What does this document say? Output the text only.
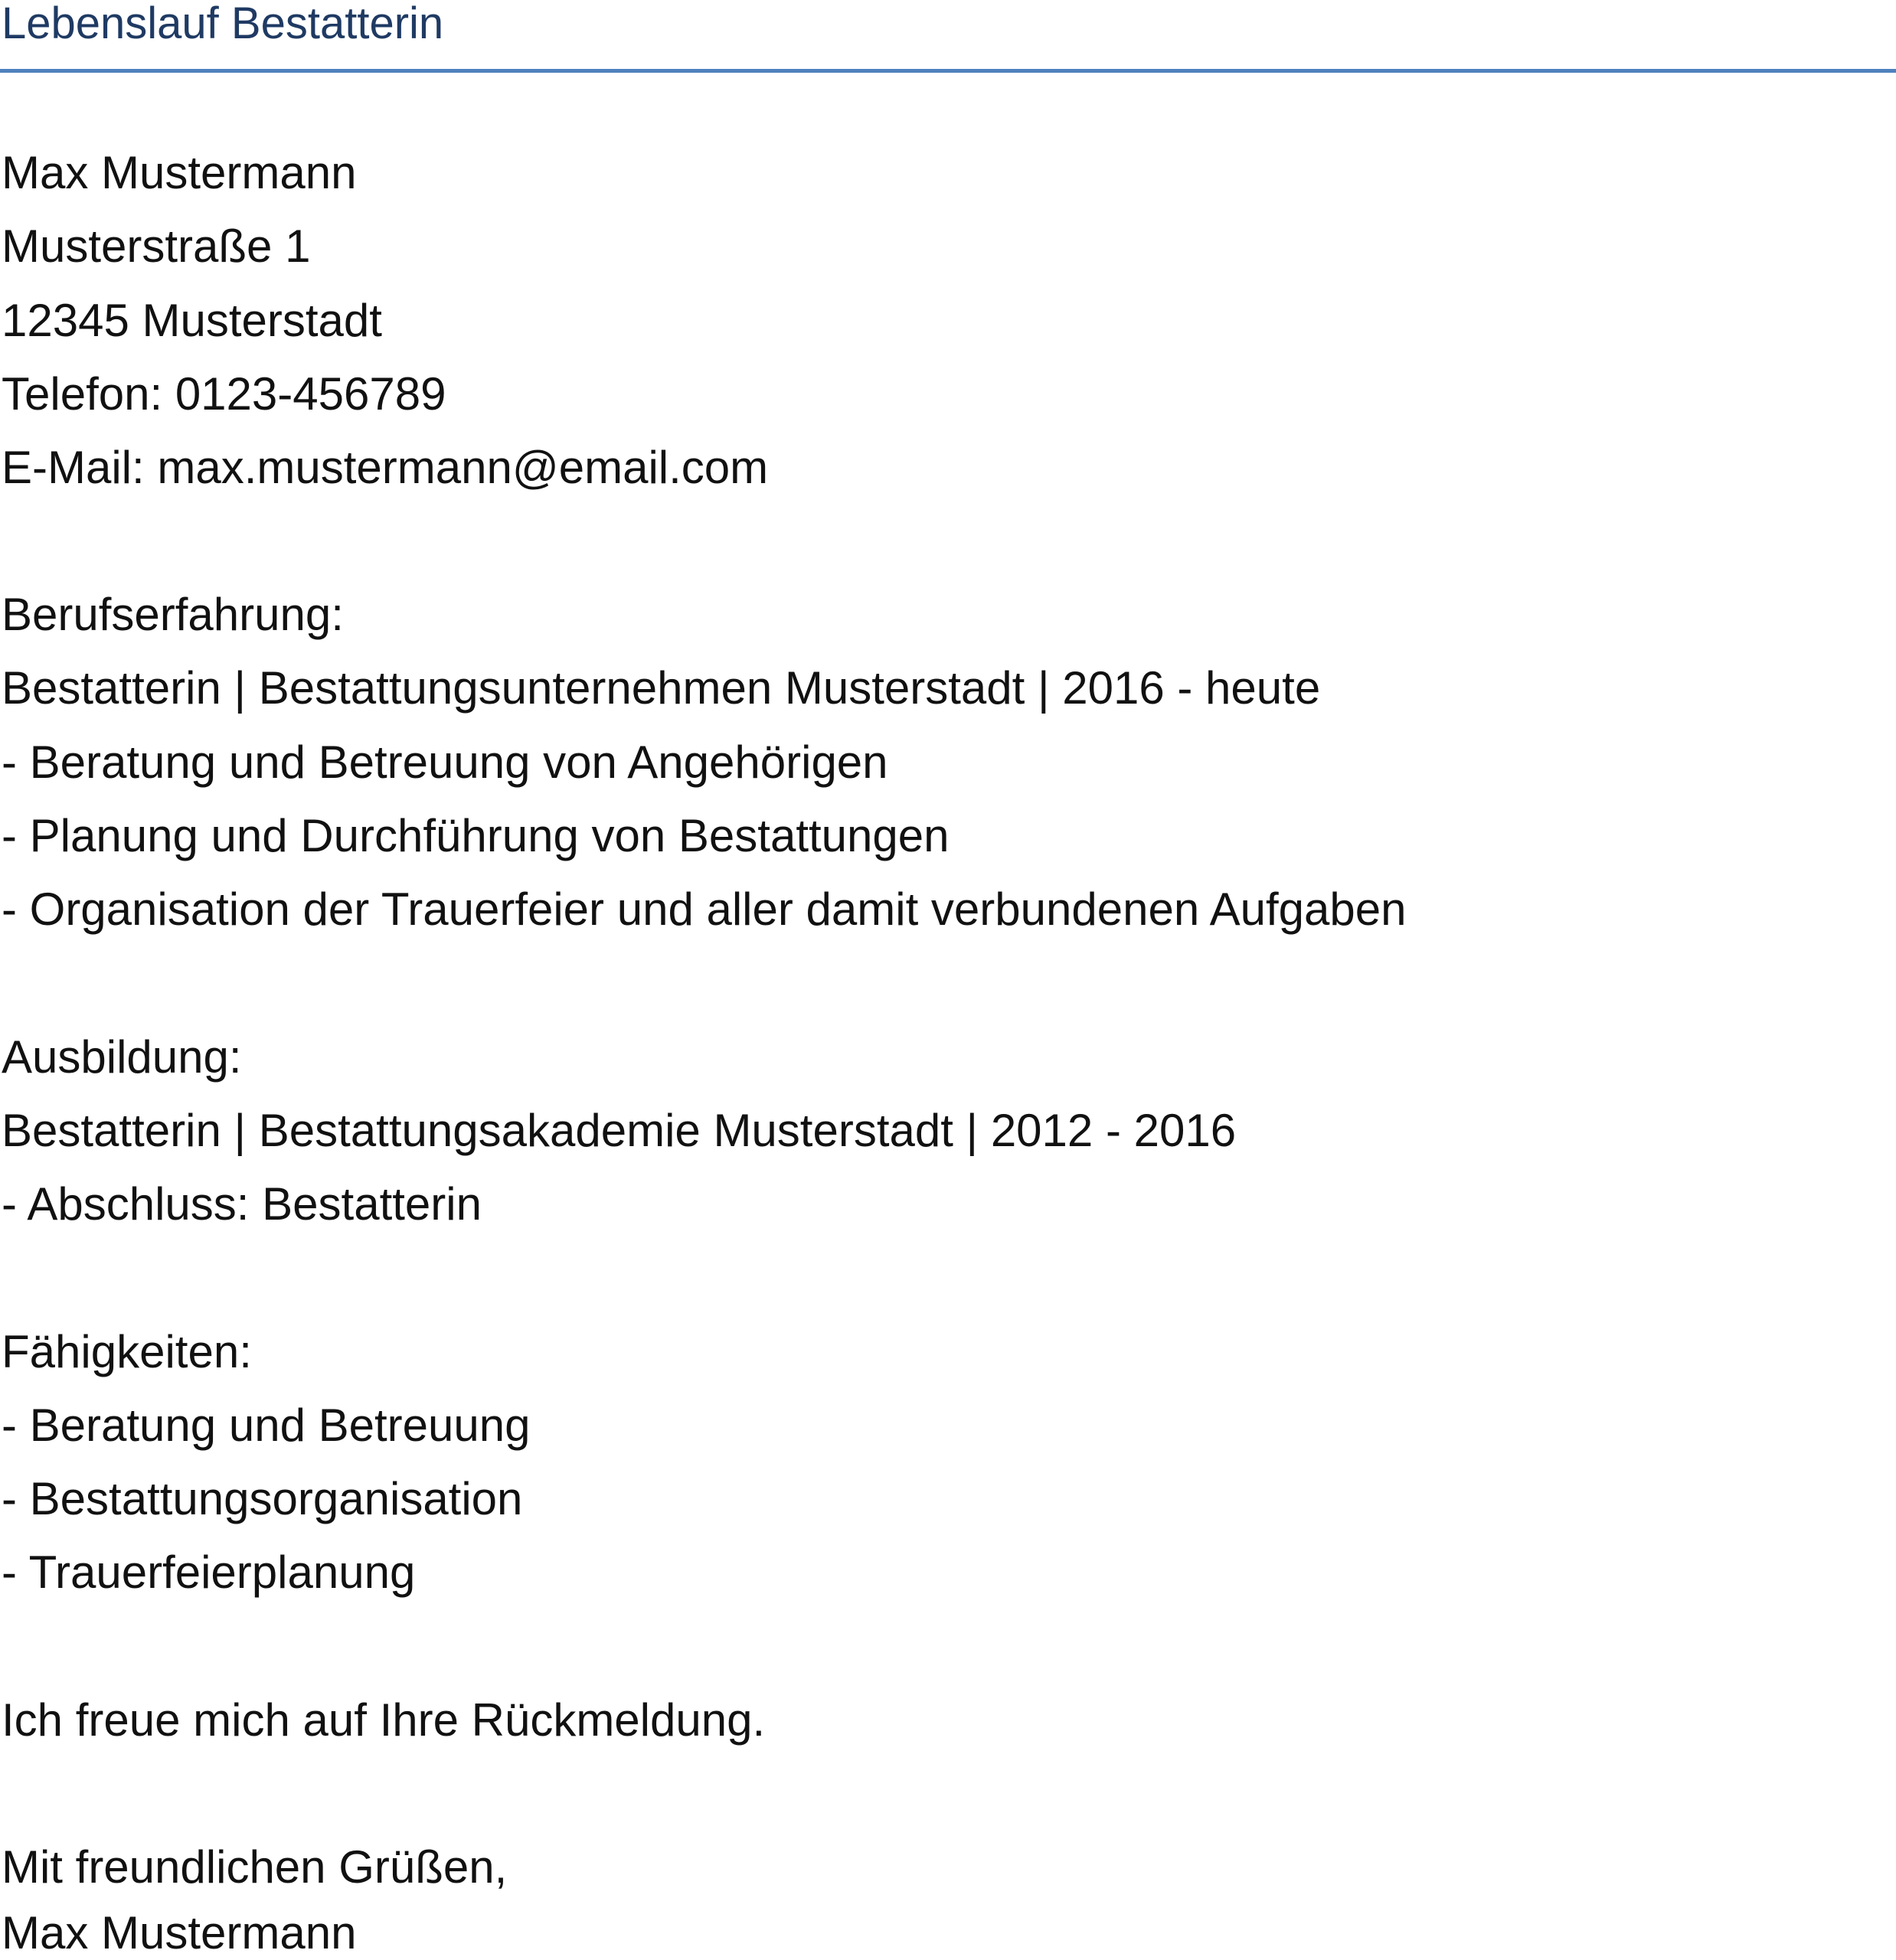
Lebenslauf Bestatterin
Max Mustermann
Musterstraße 1
12345 Musterstadt
Telefon: 0123-456789
E-Mail: max.mustermann@email.com
Berufserfahrung:
Bestatterin | Bestattungsunternehmen Musterstadt | 2016 - heute
- Beratung und Betreuung von Angehörigen
- Planung und Durchführung von Bestattungen
- Organisation der Trauerfeier und aller damit verbundenen Aufgaben
Ausbildung:
Bestatterin | Bestattungsakademie Musterstadt | 2012 - 2016
- Abschluss: Bestatterin
Fähigkeiten:
- Beratung und Betreuung
- Bestattungsorganisation
- Trauerfeierplanung
Ich freue mich auf Ihre Rückmeldung.
Mit freundlichen Grüßen,
Max Mustermann
